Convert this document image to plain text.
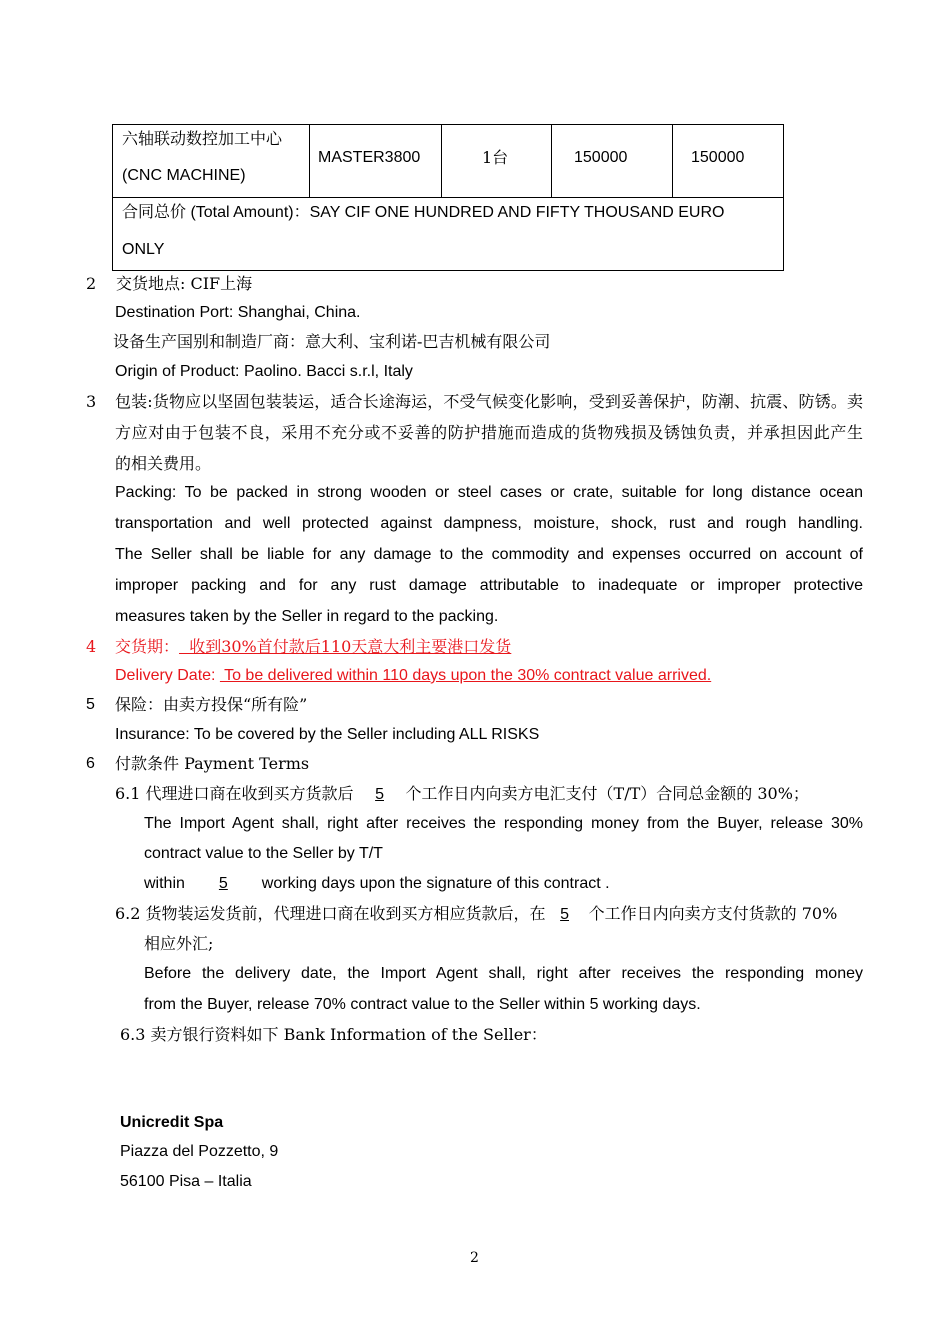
六轴联动数控加工中心
(CNC MACHINE)

MASTER3800	1台	150000	150000

合同总价 (Total Amount)：SAY CIF ONE HUNDRED AND FIFTY THOUSAND EURO
ONLY
2 交货地点: CIF上海
Destination Port: Shanghai, China.
设备生产国别和制造厂商：意大利、宝利诺-巴吉机械有限公司
Origin of Product: Paolino. Bacci s.r.l, Italy
3 包装:货物应以坚固包装装运，适合长途海运，不受气候变化影响，受到妥善保护，防潮、抗震、防锈。卖
方应对由于包装不良，采用不充分或不妥善的防护措施而造成的货物残损及锈蚀负责，并承担因此产生
的相关费用。
Packing: To be packed in strong wooden or steel cases or crate, suitable for long distance ocean
transportation and well protected against dampness, moisture, shock, rust and rough handling.
The Seller shall be liable for any damage to the commodity and expenses occurred on account of
improper packing and for any rust damage attributable to inadequate or improper protective
measures taken by the Seller in regard to the packing.
4 交货期：  收到30%首付款后110天意大利主要港口发货
Delivery Date:  To be delivered within 110 days upon the 30% contract value arrived.
5 保险：由卖方投保“所有险”
Insurance: To be covered by the Seller including ALL RISKS
6 付款条件 Payment Terms
6.1 代理进口商在收到买方货款后 5 个工作日内向卖方电汇支付（T/T）合同总金额的 30%；
The Import Agent shall, right after receives the responding money from the Buyer, release 30%
contract value to the Seller by T/T
within 5 working days upon the signature of this contract .
6.2 货物装运发货前，代理进口商在收到买方相应货款后，在 5 个工作日内向卖方支付货款的 70%
相应外汇;
Before the delivery date, the Import Agent shall, right after receives the responding money
from the Buyer, release 70% contract value to the Seller within 5 working days.
6.3 卖方银行资料如下 Bank Information of the Seller：
Unicredit Spa
Piazza del Pozzetto, 9
56100 Pisa – Italia
2
